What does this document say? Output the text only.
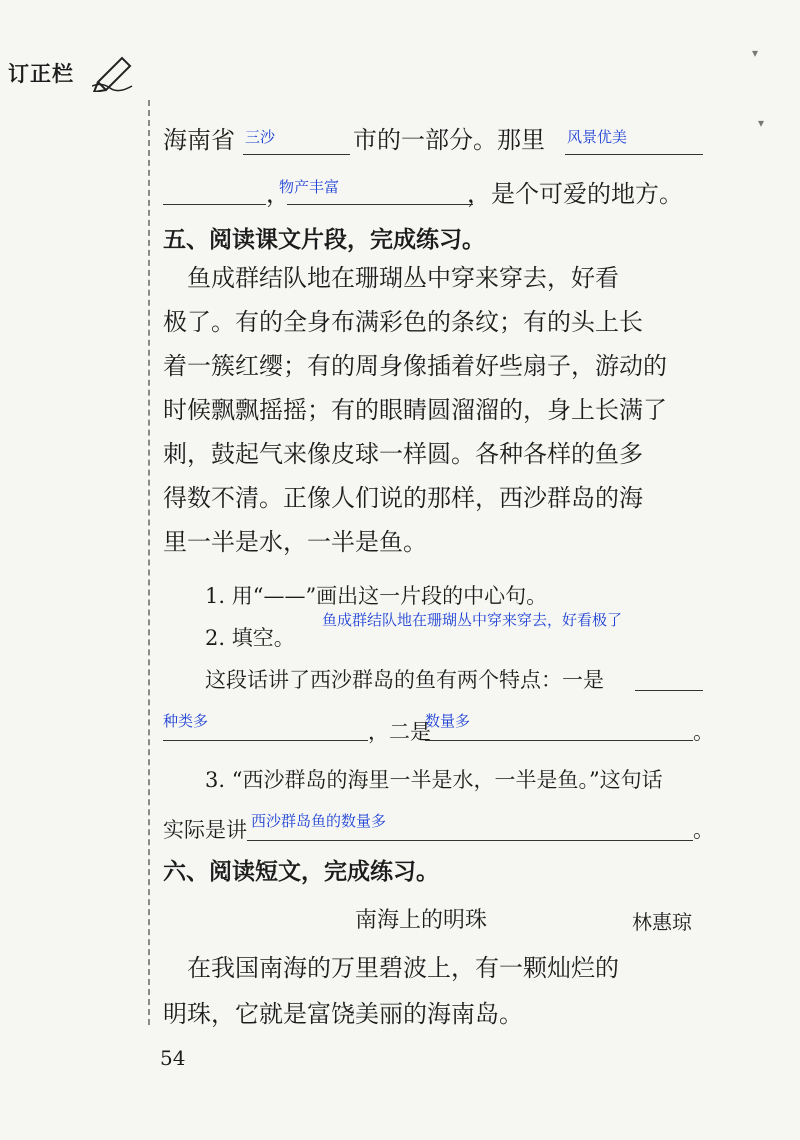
订正栏
▾
▾
海南省 三沙	市的一部分。那里 风景优美
，
物产丰富	，是个可爱的地方。
五、阅读课文片段，完成练习。
　鱼成群结队地在珊瑚丛中穿来穿去，好看
极了。有的全身布满彩色的条纹；有的头上长
着一簇红缨；有的周身像插着好些扇子，游动的
时候飘飘摇摇；有的眼睛圆溜溜的，身上长满了
刺，鼓起气来像皮球一样圆。各种各样的鱼多
得数不清。正像人们说的那样，西沙群岛的海
里一半是水，一半是鱼。
1. 用“——”画出这一片段的中心句。
鱼成群结队地在珊瑚丛中穿来穿去，好看极了
2. 填空。
这段话讲了西沙群岛的鱼有两个特点：一是
种类多	，二是
数量多	。
3. “西沙群岛的海里一半是水，一半是鱼。”这句话
实际是讲 西沙群岛鱼的数量多	。
六、阅读短文，完成练习。
南海上的明珠	林惠琼
　在我国南海的万里碧波上，有一颗灿烂的
明珠，它就是富饶美丽的海南岛。
54
